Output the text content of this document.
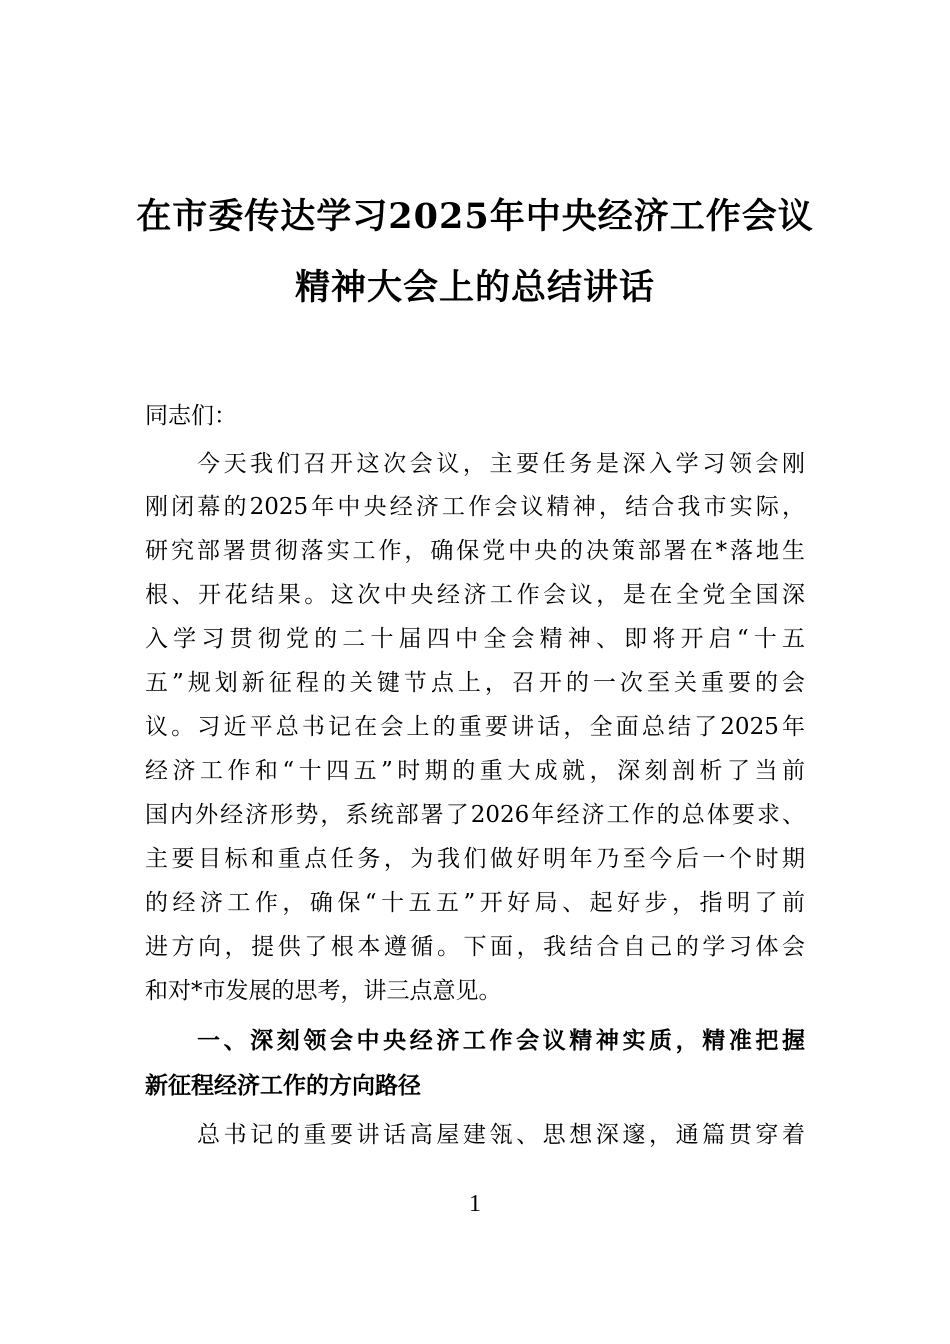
在市委传达学习2025年中央经济工作会议
精神大会上的总结讲话
同志们：
今天我们召开这次会议，主要任务是深入学习领会刚
刚闭幕的2025年中央经济工作会议精神，结合我市实际，
研究部署贯彻落实工作，确保党中央的决策部署在*落地生
根、开花结果。这次中央经济工作会议，是在全党全国深
入学习贯彻党的二十届四中全会精神、即将开启“十五
五”规划新征程的关键节点上，召开的一次至关重要的会
议。习近平总书记在会上的重要讲话，全面总结了2025年
经济工作和“十四五”时期的重大成就，深刻剖析了当前
国内外经济形势，系统部署了2026年经济工作的总体要求、
主要目标和重点任务，为我们做好明年乃至今后一个时期
的经济工作，确保“十五五”开好局、起好步，指明了前
进方向，提供了根本遵循。下面，我结合自己的学习体会
和对*市发展的思考，讲三点意见。
一、深刻领会中央经济工作会议精神实质，精准把握
新征程经济工作的方向路径
总书记的重要讲话高屋建瓴、思想深邃，通篇贯穿着
1
